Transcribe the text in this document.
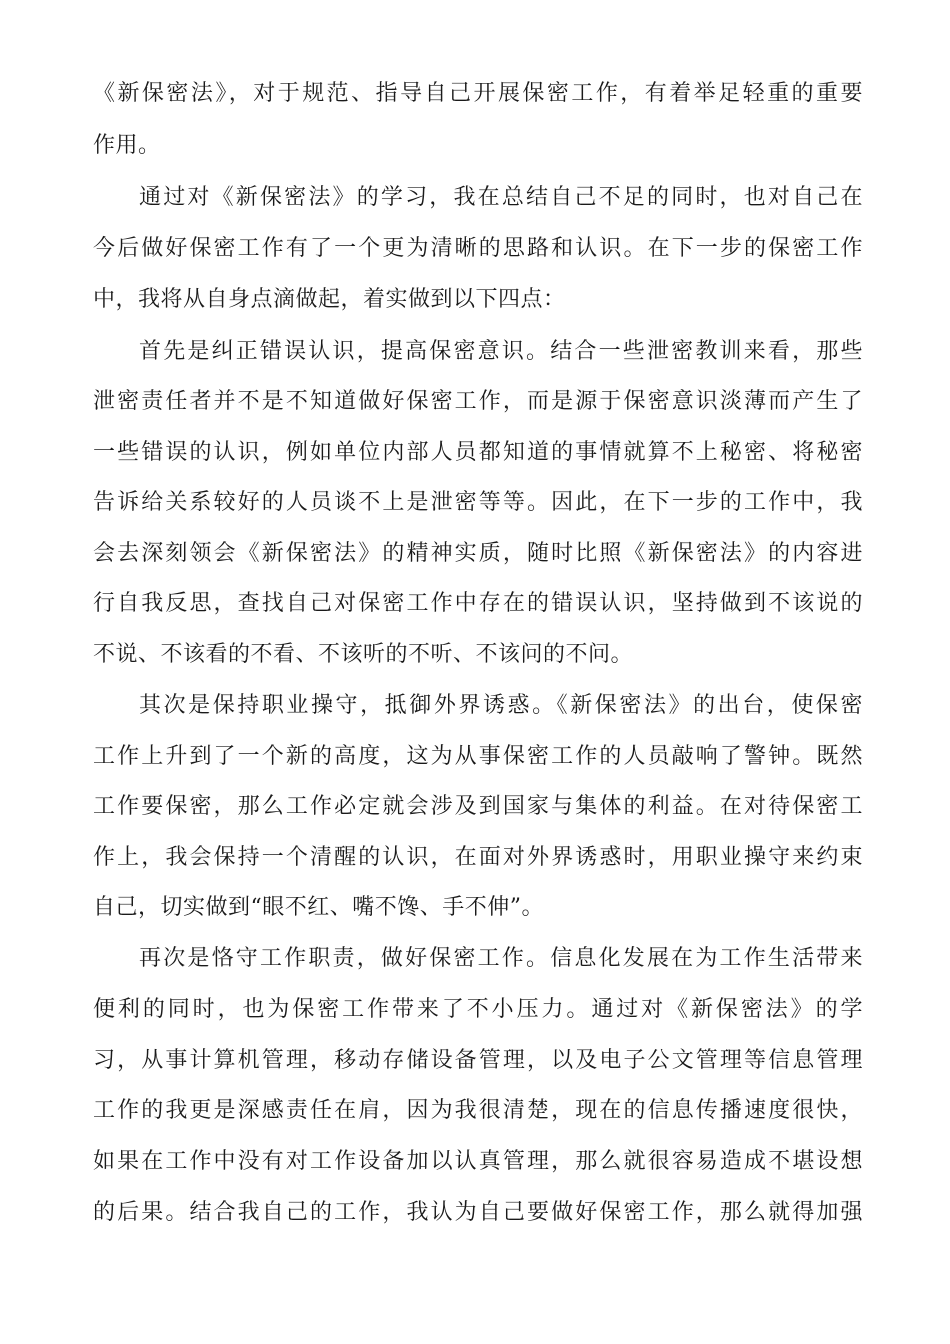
《新保密法》，对于规范、指导自己开展保密工作，有着举足轻重的重要
作用。
通过对《新保密法》的学习，我在总结自己不足的同时，也对自己在
今后做好保密工作有了一个更为清晰的思路和认识。在下一步的保密工作
中，我将从自身点滴做起，着实做到以下四点：
首先是纠正错误认识，提高保密意识。结合一些泄密教训来看，那些
泄密责任者并不是不知道做好保密工作，而是源于保密意识淡薄而产生了
一些错误的认识，例如单位内部人员都知道的事情就算不上秘密、将秘密
告诉给关系较好的人员谈不上是泄密等等。因此，在下一步的工作中，我
会去深刻领会《新保密法》的精神实质，随时比照《新保密法》的内容进
行自我反思，查找自己对保密工作中存在的错误认识，坚持做到不该说的
不说、不该看的不看、不该听的不听、不该问的不问。
其次是保持职业操守，抵御外界诱惑。《新保密法》的出台，使保密
工作上升到了一个新的高度，这为从事保密工作的人员敲响了警钟。既然
工作要保密，那么工作必定就会涉及到国家与集体的利益。在对待保密工
作上，我会保持一个清醒的认识，在面对外界诱惑时，用职业操守来约束
自己，切实做到“眼不红、嘴不馋、手不伸”。
再次是恪守工作职责，做好保密工作。信息化发展在为工作生活带来
便利的同时，也为保密工作带来了不小压力。通过对《新保密法》的学
习，从事计算机管理，移动存储设备管理，以及电子公文管理等信息管理
工作的我更是深感责任在肩，因为我很清楚，现在的信息传播速度很快，
如果在工作中没有对工作设备加以认真管理，那么就很容易造成不堪设想
的后果。结合我自己的工作，我认为自己要做好保密工作，那么就得加强
